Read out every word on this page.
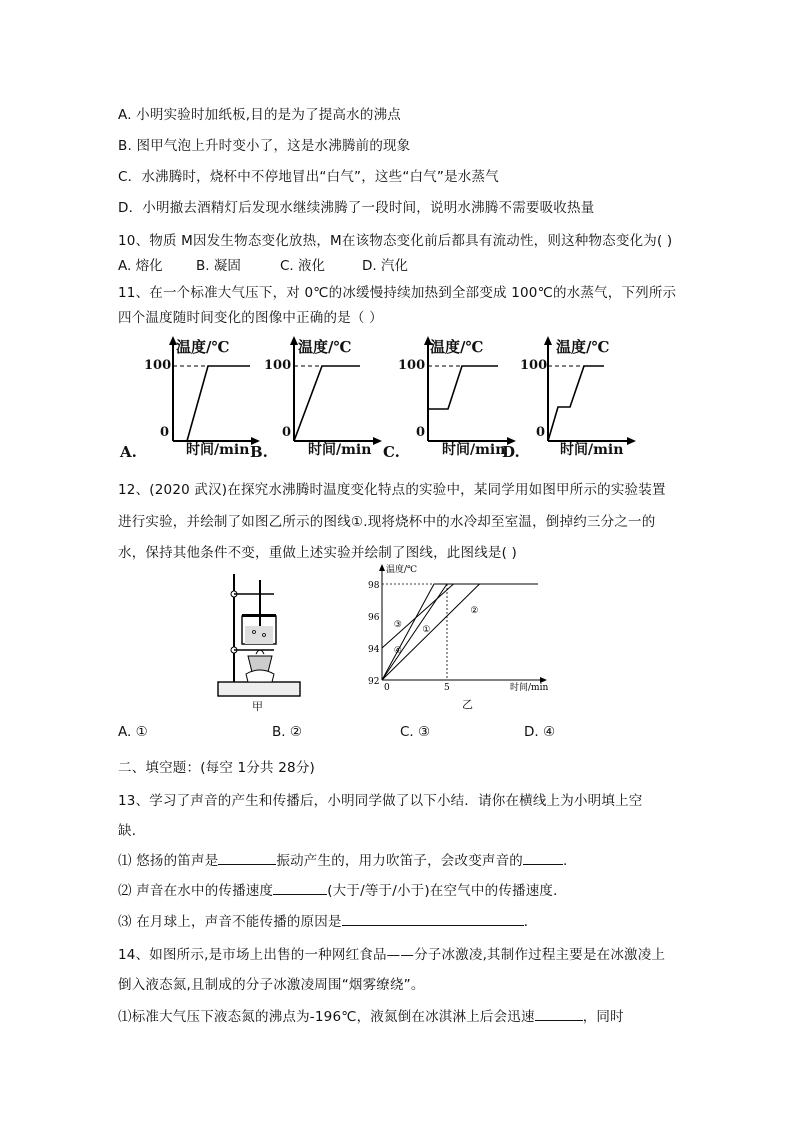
A. 小明实验时加纸板,目的是为了提高水的沸点
B. 图甲气泡上升时变小了，这是水沸腾前的现象
C．水沸腾时，烧杯中不停地冒出“白气”，这些“白气”是水蒸气
D．小明撤去酒精灯后发现水继续沸腾了一段时间，说明水沸腾不需要吸收热量
10、物质 M因发生物态变化放热，M在该物态变化前后都具有流动性，则这种物态变化为( )
A. 熔化 B. 凝固	C. 液化	D. 汽化
11、在一个标准大气压下，对 0℃的冰缓慢持续加热到全部变成 100℃的水蒸气，下列所示
四个温度随时间变化的图像中正确的是（ ）
温度/℃
100
0
时间/min
A.
温度/℃
100
0
时间/min
B.
温度/℃
100
0
时间/min
C.
温度/℃
100
0
时间/min
D.
12、(2020 武汉)在探究水沸腾时温度变化特点的实验中，某同学用如图甲所示的实验装置
进行实验，并绘制了如图乙所示的图线①.现将烧杯中的水冷却至室温，倒掉约三分之一的
水，保持其他条件不变，重做上述实验并绘制了图线，此图线是( )
甲
温度/℃
时间/min
92
94
96
98
0	5
③ ①
②
④
乙
A. ①	B. ②	C. ③	D. ④
二、填空题：(每空 1分共 28分)
13、学习了声音的产生和传播后，小明同学做了以下小结．请你在横线上为小明填上空
缺．
⑴ 悠扬的笛声是	振动产生的，用力吹笛子，会改变声音的	.
⑵ 声音在水中的传播速度	(大于/等于/小于)在空气中的传播速度．
⑶ 在月球上，声音不能传播的原因是	．
14、如图所示,是市场上出售的一种网红食品——分子冰激凌,其制作过程主要是在冰激凌上
倒入液态氮,且制成的分子冰激凌周围“烟雾缭绕”。
⑴标准大气压下液态氮的沸点为-196℃，液氮倒在冰淇淋上后会迅速	，同时
